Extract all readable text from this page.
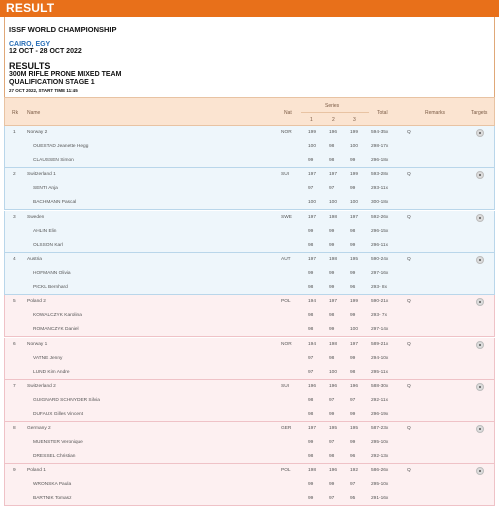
RESULT
ISSF WORLD CHAMPIONSHIP
CAIRO, EGY
12 OCT - 28 OCT 2022
RESULTS
300M RIFLE PRONE MIXED TEAM
QUALIFICATION STAGE 1
27 OCT 2022, START TIME 11:45
Rk Name	Nat
Series
1	2	3
Total	Remarks	Targets
1 Norway 2	NOR	199	196	199	594-35x	Q
OUESTAD Jeanette Hegg	100	98	100	298-17x
CLAUSSEN Simon	99	98	99	296-18x
2 Switzerland 1	SUI	197	197	199	593-28x	Q
SENTI Anja	97	97	99	293-11x
BACHMANN Pascal	100	100	100	300-18x
3 Sweden	SWE	197	198	197	592-26x	Q
AHLIN Elin	99	99	98	296-15x
OLSSON Karl	98	99	99	296-11x
4 Austria	AUT	197	198	195	590-24x	Q
HOFMANN Olivia	99	99	99	297-16x
PICKL Bernhard	98	99	96	293- 8x
5 Poland 2	POL	194	197	199	590-21x	Q
KOWALCZYK Karolina	98	98	99	293- 7x
ROMANCZYK Daniel	98	99	100	297-14x
6 Norway 1	NOR	194	198	197	589-21x	Q
VATNE Jenny	97	98	99	294-10x
LUND Kim Andre	97	100	98	295-11x
7 Switzerland 2	SUI	196	196	196	588-30x	Q
GUIGNARD SCHNYDER Silvia	98	97	97	292-11x
DUFAUX Gilles Vincent	98	99	99	296-19x
8 Germany 2	GER	197	195	195	587-23x	Q
MUENSTER Veronique	99	97	99	295-10x
DRESSEL Christian	98	98	96	292-13x
9 Poland 1	POL	198	196	192	586-26x	Q
WRONSKA Paula	99	99	97	295-10x
BARTNIK Tomasz	99	97	95	291-16x
